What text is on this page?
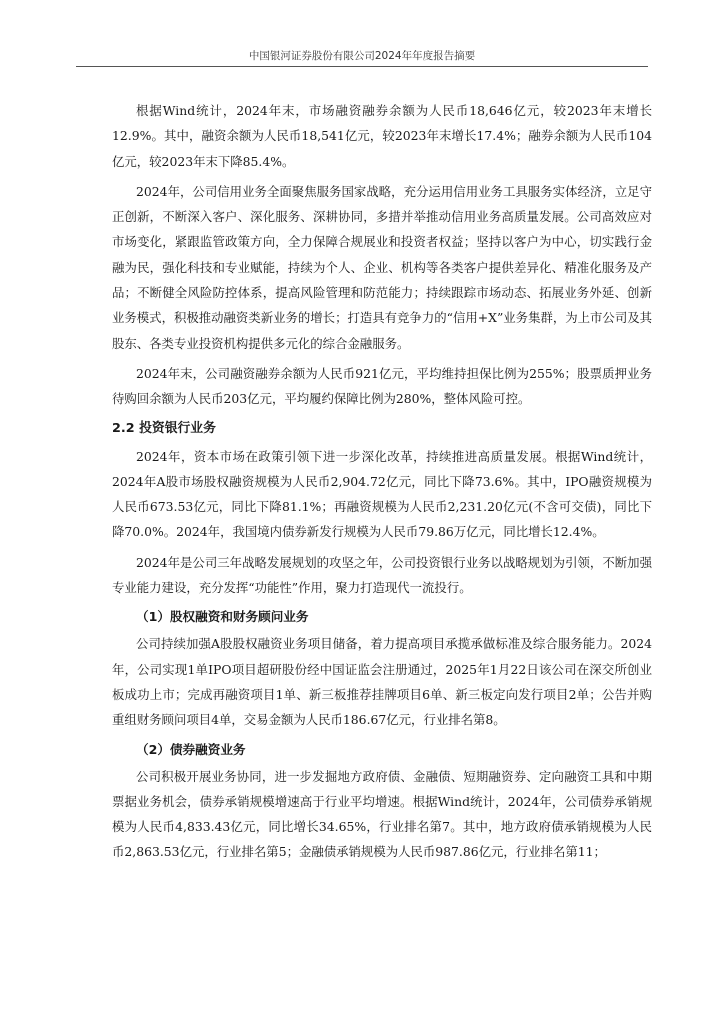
中国银河证券股份有限公司2024年年度报告摘要

根据Wind统计，2024年末，市场融资融券余额为人民币18,646亿元，较2023年末增长12.9%。其中，融资余额为人民币18,541亿元，较2023年末增长17.4%；融券余额为人民币104亿元，较2023年末下降85.4%。

2024年，公司信用业务全面聚焦服务国家战略，充分运用信用业务工具服务实体经济，立足守正创新，不断深入客户、深化服务、深耕协同，多措并举推动信用业务高质量发展。公司高效应对市场变化，紧跟监管政策方向，全力保障合规展业和投资者权益；坚持以客户为中心，切实践行金融为民，强化科技和专业赋能，持续为个人、企业、机构等各类客户提供差异化、精准化服务及产品；不断健全风险防控体系，提高风险管理和防范能力；持续跟踪市场动态、拓展业务外延、创新业务模式，积极推动融资类新业务的增长；打造具有竞争力的“信用+X”业务集群，为上市公司及其股东、各类专业投资机构提供多元化的综合金融服务。

2024年末，公司融资融券余额为人民币921亿元，平均维持担保比例为255%；股票质押业务待购回余额为人民币203亿元，平均履约保障比例为280%，整体风险可控。

2.2 投资银行业务

2024年，资本市场在政策引领下进一步深化改革，持续推进高质量发展。根据Wind统计，2024年A股市场股权融资规模为人民币2,904.72亿元，同比下降73.6%。其中，IPO融资规模为人民币673.53亿元，同比下降81.1%；再融资规模为人民币2,231.20亿元(不含可交债)，同比下降70.0%。2024年，我国境内债券新发行规模为人民币79.86万亿元，同比增长12.4%。

2024年是公司三年战略发展规划的攻坚之年，公司投资银行业务以战略规划为引领，不断加强专业能力建设，充分发挥“功能性”作用，聚力打造现代一流投行。

（1）股权融资和财务顾问业务

公司持续加强A股股权融资业务项目储备，着力提高项目承揽承做标准及综合服务能力。2024年，公司实现1单IPO项目超研股份经中国证监会注册通过，2025年1月22日该公司在深交所创业板成功上市；完成再融资项目1单、新三板推荐挂牌项目6单、新三板定向发行项目2单；公告并购重组财务顾问项目4单，交易金额为人民币186.67亿元，行业排名第8。

（2）债券融资业务

公司积极开展业务协同，进一步发掘地方政府债、金融债、短期融资券、定向融资工具和中期票据业务机会，债券承销规模增速高于行业平均增速。根据Wind统计，2024年，公司债券承销规模为人民币4,833.43亿元，同比增长34.65%，行业排名第7。其中，地方政府债承销规模为人民币2,863.53亿元，行业排名第5；金融债承销规模为人民币987.86亿元，行业排名第11；
